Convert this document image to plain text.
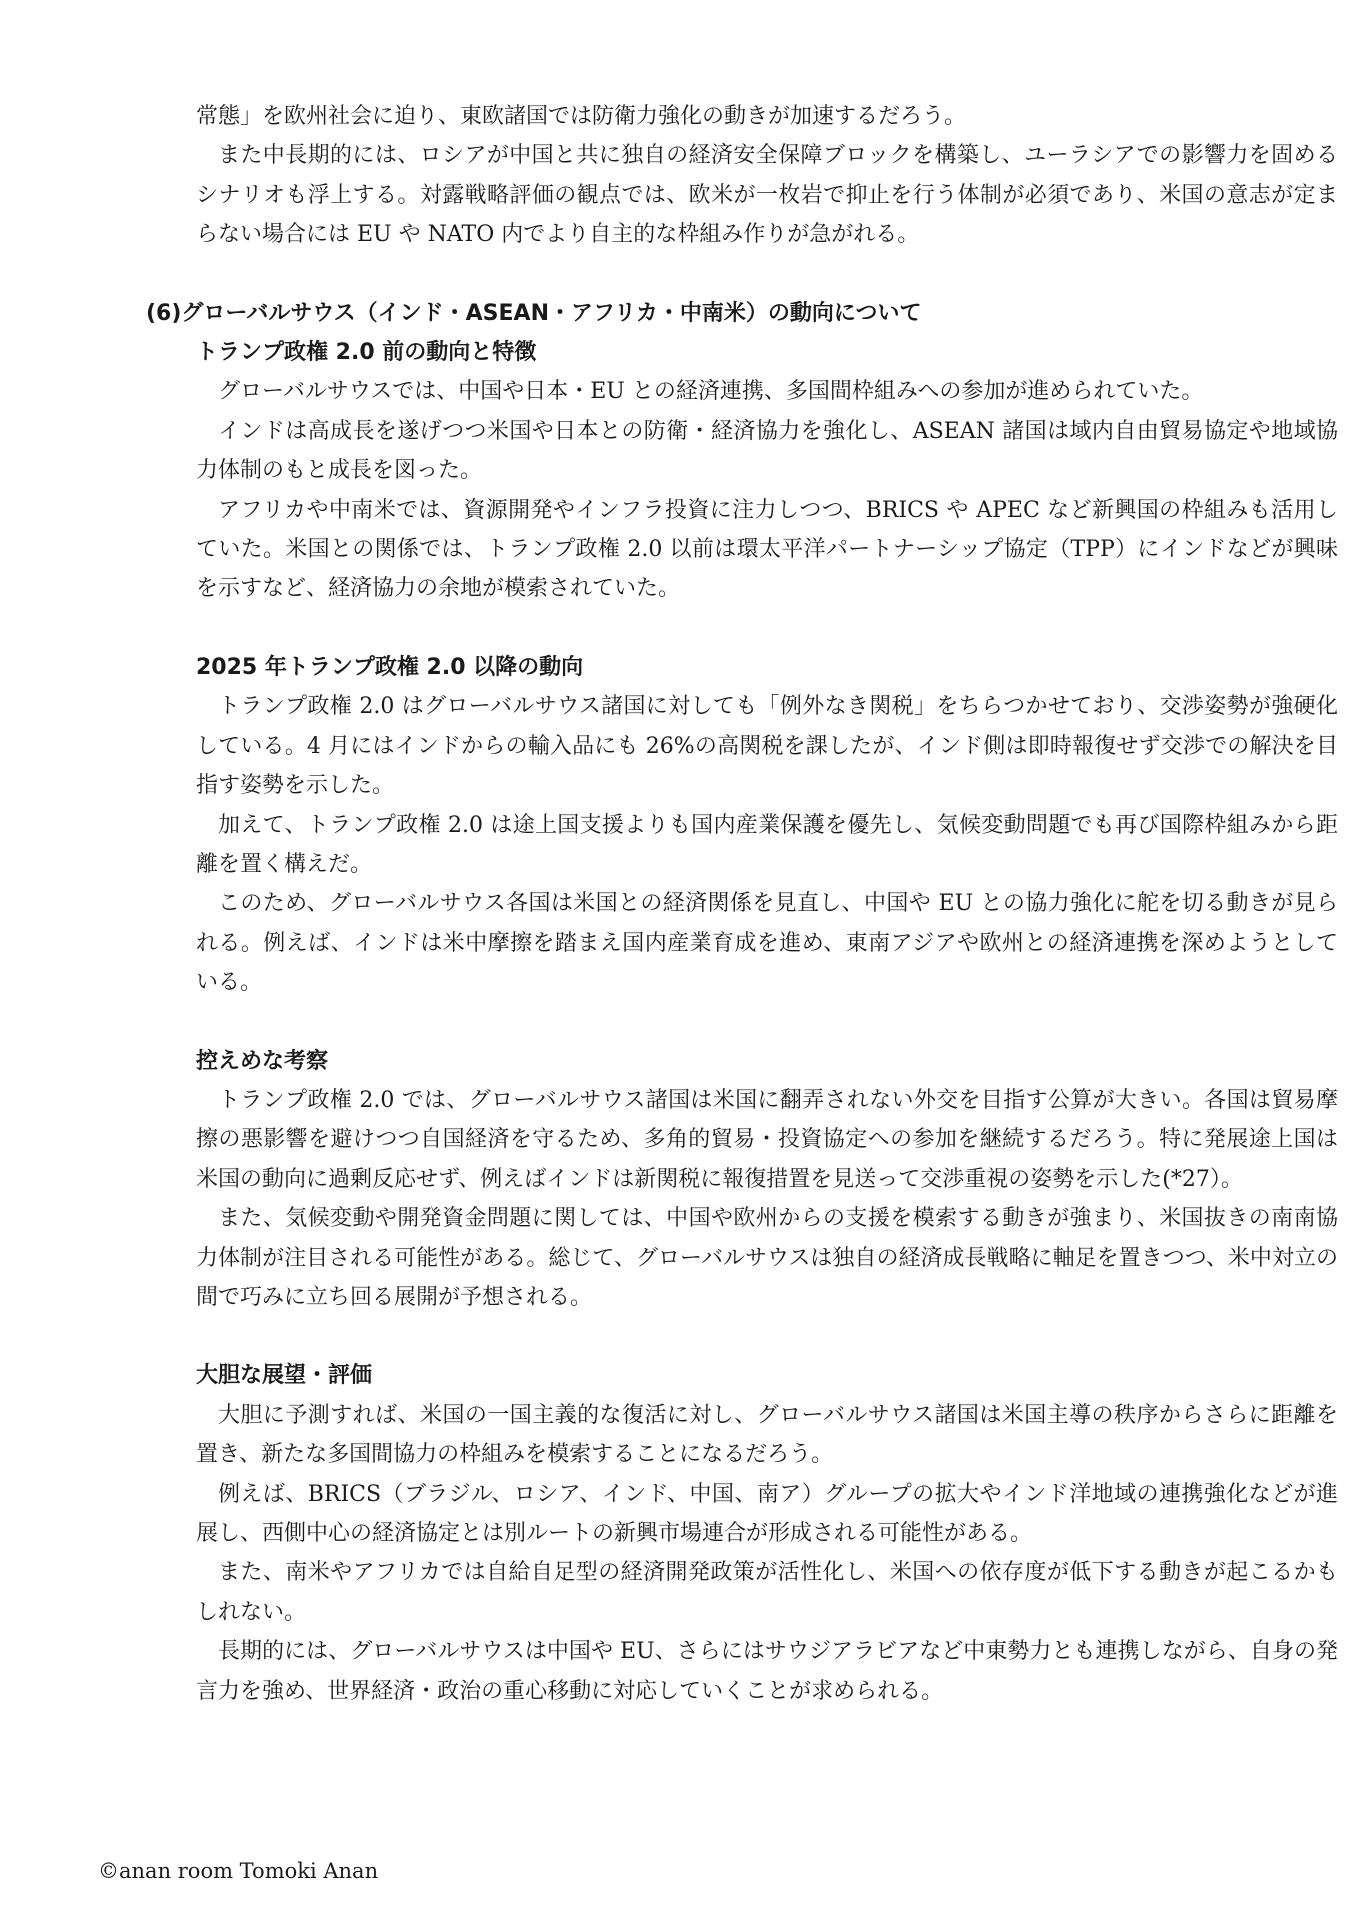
常態」を欧州社会に迫り、東欧諸国では防衛力強化の動きが加速するだろう。

また中長期的には、ロシアが中国と共に独自の経済安全保障ブロックを構築し、ユーラシアでの影響力を固めるシナリオも浮上する。対露戦略評価の観点では、欧米が一枚岩で抑止を行う体制が必須であり、米国の意志が定まらない場合には EU や NATO 内でより自主的な枠組み作りが急がれる。

(6)グローバルサウス（インド・ASEAN・アフリカ・中南米）の動向について
トランプ政権 2.0 前の動向と特徴

グローバルサウスでは、中国や日本・EU との経済連携、多国間枠組みへの参加が進められていた。

インドは高成長を遂げつつ米国や日本との防衛・経済協力を強化し、ASEAN 諸国は域内自由貿易協定や地域協力体制のもと成長を図った。

アフリカや中南米では、資源開発やインフラ投資に注力しつつ、BRICS や APEC など新興国の枠組みも活用していた。米国との関係では、トランプ政権 2.0 以前は環太平洋パートナーシップ協定（TPP）にインドなどが興味を示すなど、経済協力の余地が模索されていた。

2025 年トランプ政権 2.0 以降の動向

トランプ政権 2.0 はグローバルサウス諸国に対しても「例外なき関税」をちらつかせており、交渉姿勢が強硬化している。4 月にはインドからの輸入品にも 26%の高関税を課したが、インド側は即時報復せず交渉での解決を目指す姿勢を示した。

加えて、トランプ政権 2.0 は途上国支援よりも国内産業保護を優先し、気候変動問題でも再び国際枠組みから距離を置く構えだ。

このため、グローバルサウス各国は米国との経済関係を見直し、中国や EU との協力強化に舵を切る動きが見られる。例えば、インドは米中摩擦を踏まえ国内産業育成を進め、東南アジアや欧州との経済連携を深めようとしている。

控えめな考察

トランプ政権 2.0 では、グローバルサウス諸国は米国に翻弄されない外交を目指す公算が大きい。各国は貿易摩擦の悪影響を避けつつ自国経済を守るため、多角的貿易・投資協定への参加を継続するだろう。特に発展途上国は米国の動向に過剰反応せず、例えばインドは新関税に報復措置を見送って交渉重視の姿勢を示した(*27）。

また、気候変動や開発資金問題に関しては、中国や欧州からの支援を模索する動きが強まり、米国抜きの南南協力体制が注目される可能性がある。総じて、グローバルサウスは独自の経済成長戦略に軸足を置きつつ、米中対立の間で巧みに立ち回る展開が予想される。

大胆な展望・評価

大胆に予測すれば、米国の一国主義的な復活に対し、グローバルサウス諸国は米国主導の秩序からさらに距離を置き、新たな多国間協力の枠組みを模索することになるだろう。

例えば、BRICS（ブラジル、ロシア、インド、中国、南ア）グループの拡大やインド洋地域の連携強化などが進展し、西側中心の経済協定とは別ルートの新興市場連合が形成される可能性がある。

また、南米やアフリカでは自給自足型の経済開発政策が活性化し、米国への依存度が低下する動きが起こるかもしれない。

長期的には、グローバルサウスは中国や EU、さらにはサウジアラビアなど中東勢力とも連携しながら、自身の発言力を強め、世界経済・政治の重心移動に対応していくことが求められる。

©anan room Tomoki Anan
